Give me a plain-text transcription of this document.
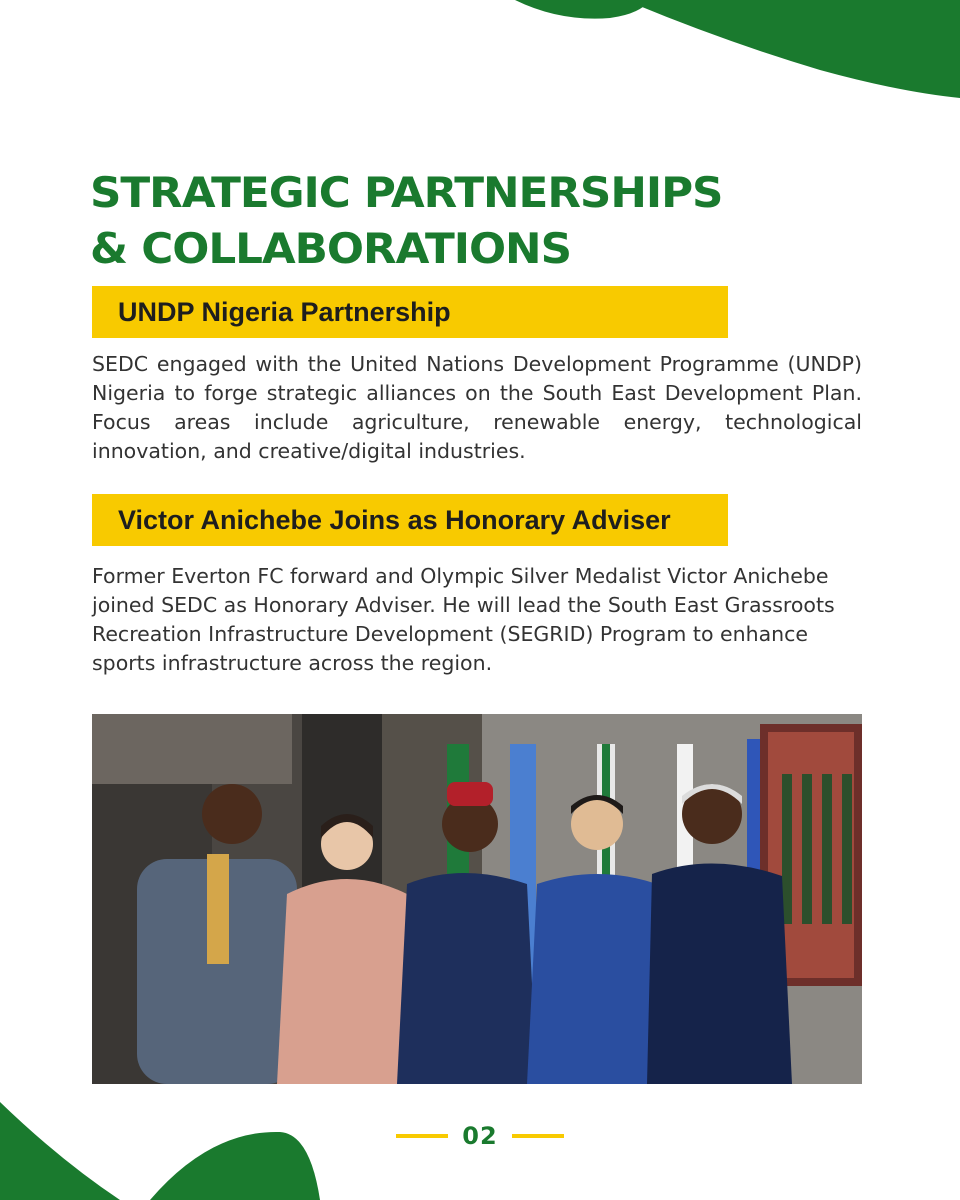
STRATEGIC PARTNERSHIPS
& COLLABORATIONS
UNDP Nigeria Partnership

SEDC engaged with the United Nations Development Programme (UNDP) Nigeria to forge strategic alliances on the South East Development Plan. Focus areas include agriculture, renewable energy, technological innovation, and creative/digital industries.

Victor Anichebe Joins as Honorary Adviser

Former Everton FC forward and Olympic Silver Medalist Victor Anichebe joined SEDC as Honorary Adviser. He will lead the South East Grassroots Recreation Infrastructure Development (SEGRID) Program to enhance sports infrastructure across the region.

02
